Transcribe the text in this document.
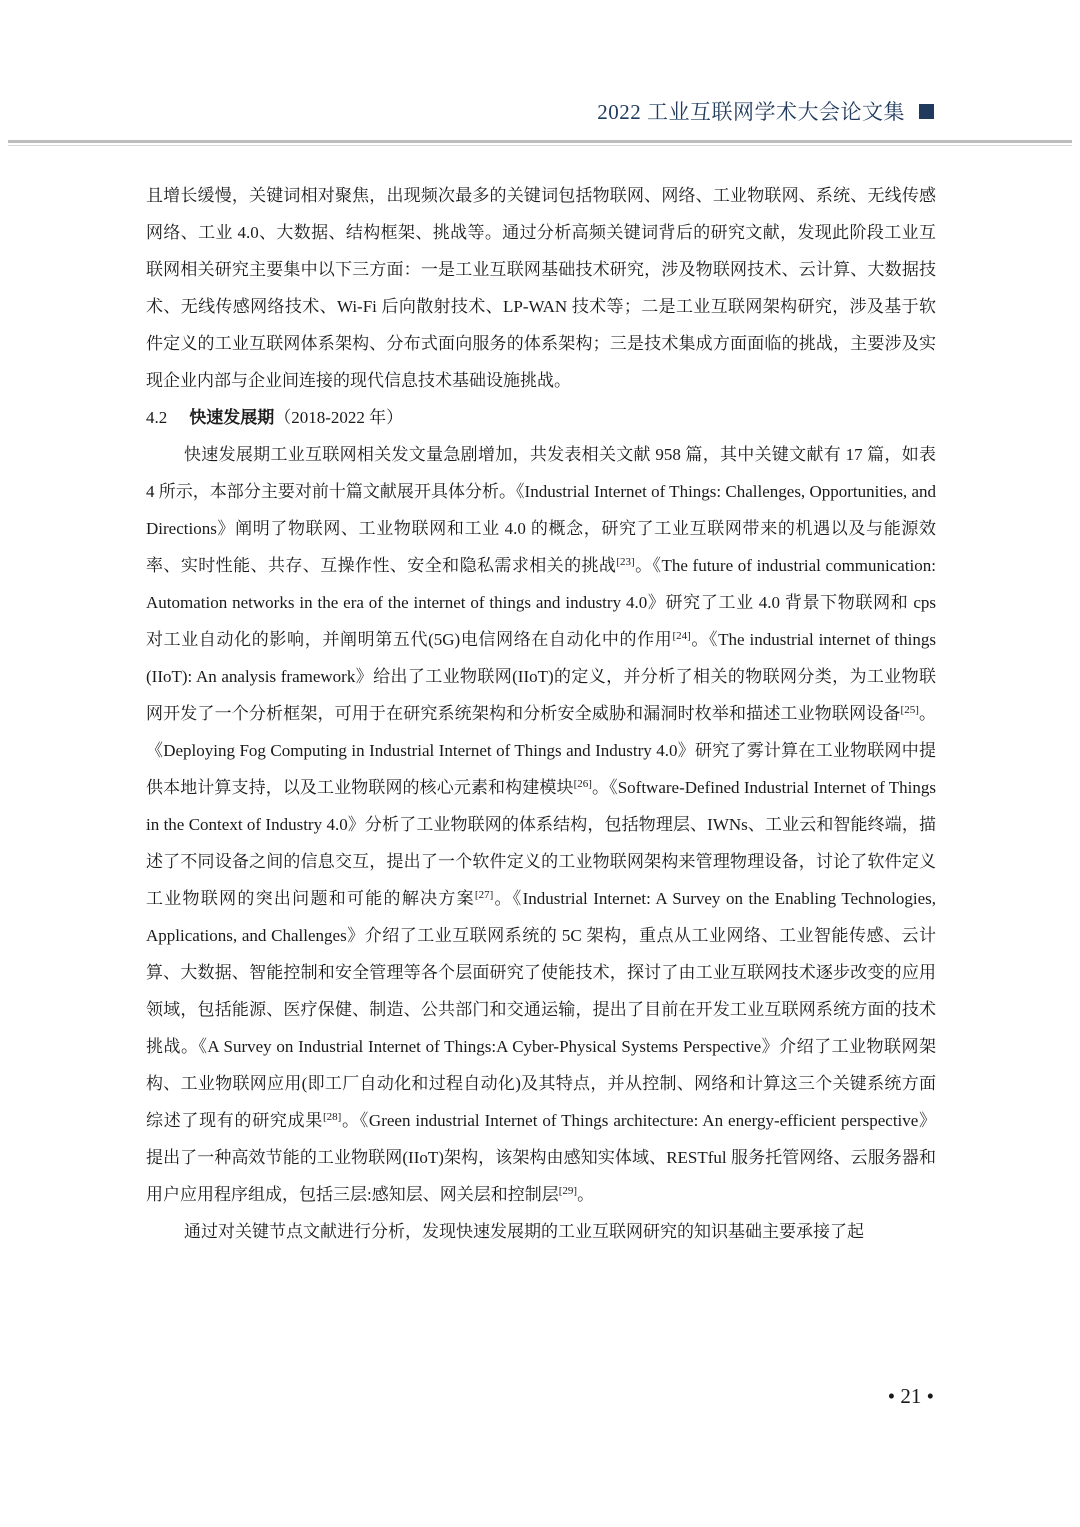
2022 工业互联网学术大会论文集

且增长缓慢，关键词相对聚焦，出现频次最多的关键词包括物联网、网络、工业物联网、系统、无线传感网络、工业 4.0、大数据、结构框架、挑战等。通过分析高频关键词背后的研究文献，发现此阶段工业互联网相关研究主要集中以下三方面：一是工业互联网基础技术研究，涉及物联网技术、云计算、大数据技术、无线传感网络技术、Wi-Fi 后向散射技术、LP-WAN 技术等；二是工业互联网架构研究，涉及基于软件定义的工业互联网体系架构、分布式面向服务的体系架构；三是技术集成方面面临的挑战，主要涉及实现企业内部与企业间连接的现代信息技术基础设施挑战。

4.2 快速发展期（2018-2022 年）

快速发展期工业互联网相关发文量急剧增加，共发表相关文献 958 篇，其中关键文献有 17 篇，如表 4 所示，本部分主要对前十篇文献展开具体分析。《Industrial Internet of Things: Challenges, Opportunities, and Directions》阐明了物联网、工业物联网和工业 4.0 的概念，研究了工业互联网带来的机遇以及与能源效率、实时性能、共存、互操作性、安全和隐私需求相关的挑战[23]。《The future of industrial communication: Automation networks in the era of the internet of things and industry 4.0》研究了工业 4.0 背景下物联网和 cps 对工业自动化的影响，并阐明第五代(5G)电信网络在自动化中的作用[24]。《The industrial internet of things (IIoT): An analysis framework》给出了工业物联网(IIoT)的定义，并分析了相关的物联网分类，为工业物联网开发了一个分析框架，可用于在研究系统架构和分析安全威胁和漏洞时枚举和描述工业物联网设备[25]。《Deploying Fog Computing in Industrial Internet of Things and Industry 4.0》研究了雾计算在工业物联网中提供本地计算支持，以及工业物联网的核心元素和构建模块[26]。《Software-Defined Industrial Internet of Things in the Context of Industry 4.0》分析了工业物联网的体系结构，包括物理层、IWNs、工业云和智能终端，描述了不同设备之间的信息交互，提出了一个软件定义的工业物联网架构来管理物理设备，讨论了软件定义工业物联网的突出问题和可能的解决方案[27]。《Industrial Internet: A Survey on the Enabling Technologies, Applications, and Challenges》介绍了工业互联网系统的 5C 架构，重点从工业网络、工业智能传感、云计算、大数据、智能控制和安全管理等各个层面研究了使能技术，探讨了由工业互联网技术逐步改变的应用领域，包括能源、医疗保健、制造、公共部门和交通运输，提出了目前在开发工业互联网系统方面的技术挑战。《A Survey on Industrial Internet of Things:A Cyber-Physical Systems Perspective》介绍了工业物联网架构、工业物联网应用(即工厂自动化和过程自动化)及其特点，并从控制、网络和计算这三个关键系统方面综述了现有的研究成果[28]。《Green industrial Internet of Things architecture: An energy-efficient perspective》提出了一种高效节能的工业物联网(IIoT)架构，该架构由感知实体域、RESTful 服务托管网络、云服务器和用户应用程序组成，包括三层:感知层、网关层和控制层[29]。

通过对关键节点文献进行分析，发现快速发展期的工业互联网研究的知识基础主要承接了起

• 21 •
